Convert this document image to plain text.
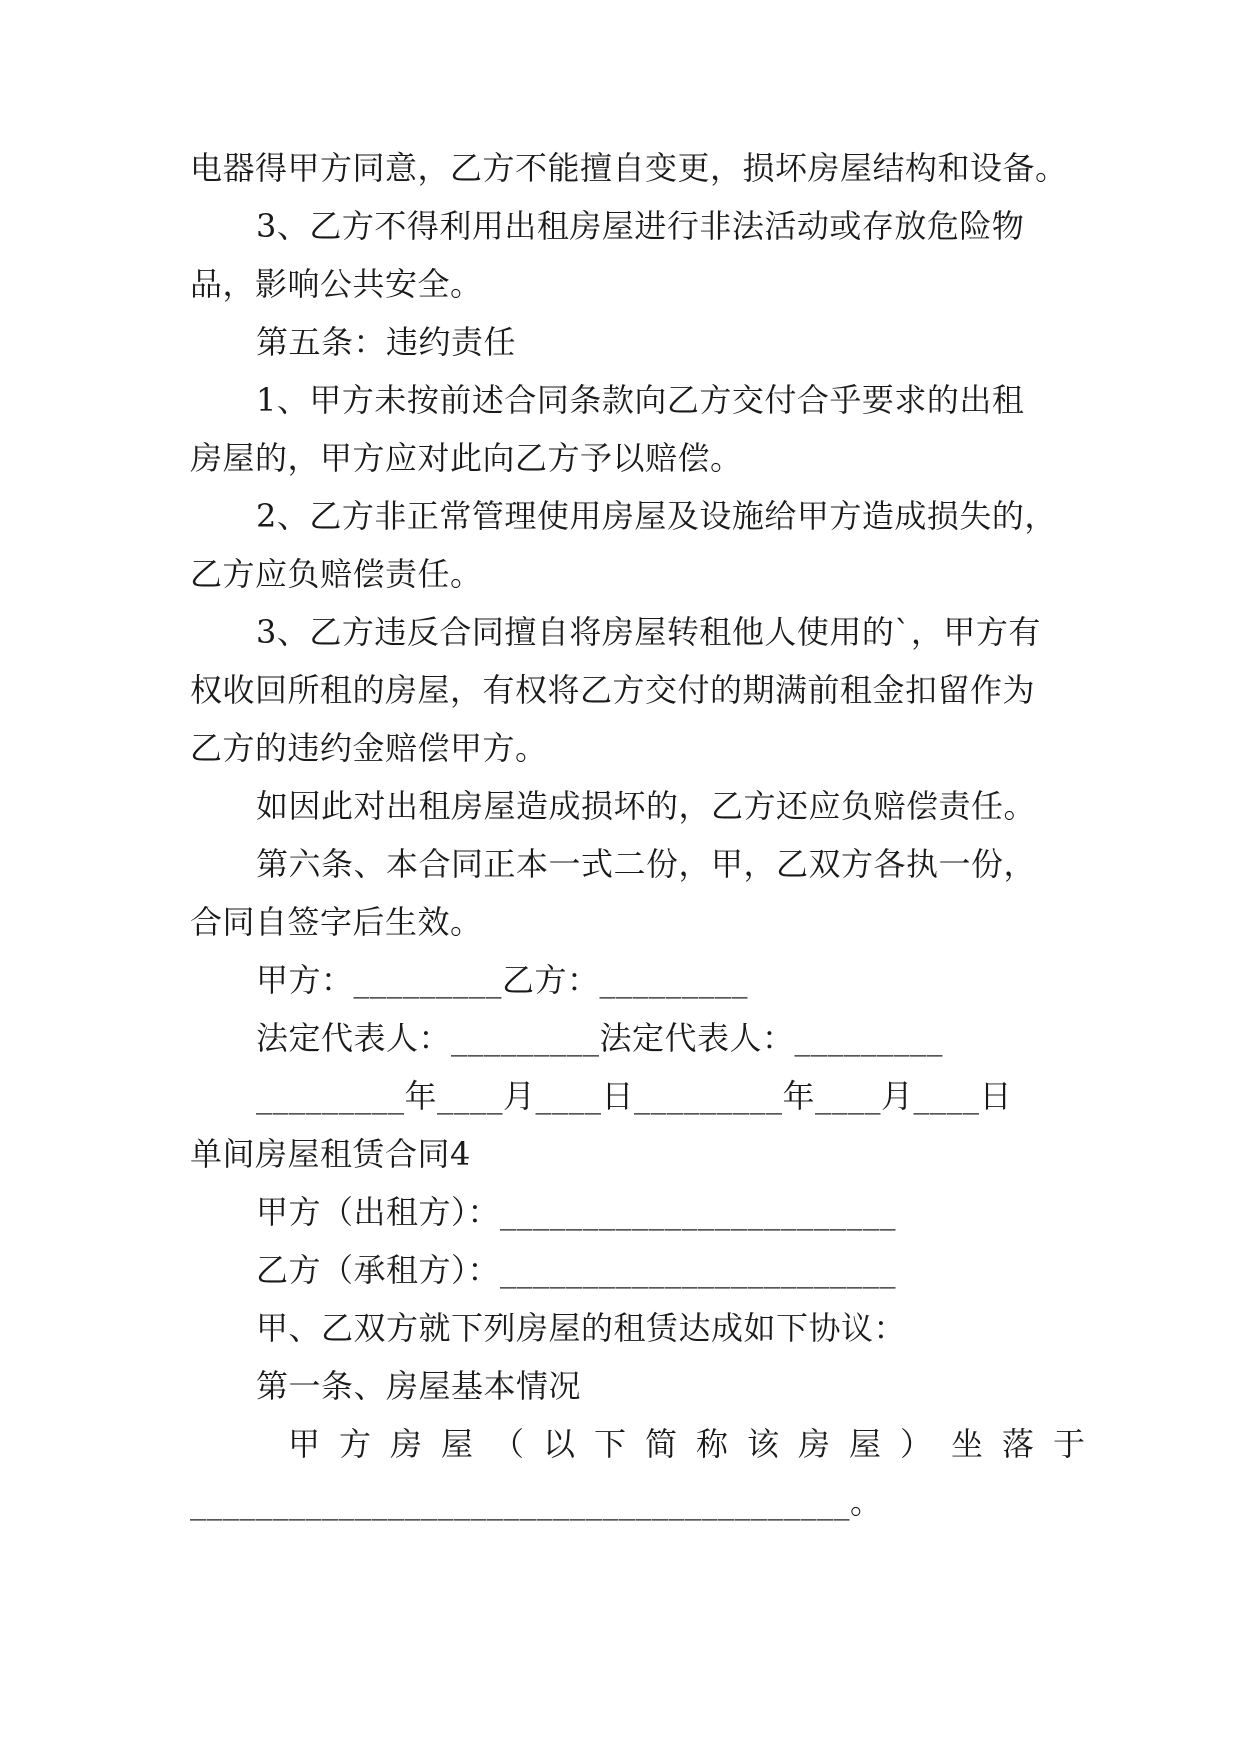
电器得甲方同意，乙方不能擅自变更，损坏房屋结构和设备。
3、乙方不得利用出租房屋进行非法活动或存放危险物
品，影响公共安全。
第五条：违约责任
1、甲方未按前述合同条款向乙方交付合乎要求的出租
房屋的，甲方应对此向乙方予以赔偿。
2、乙方非正常管理使用房屋及设施给甲方造成损失的，
乙方应负赔偿责任。
3、乙方违反合同擅自将房屋转租他人使用的`，甲方有
权收回所租的房屋，有权将乙方交付的期满前租金扣留作为
乙方的违约金赔偿甲方。
如因此对出租房屋造成损坏的，乙方还应负赔偿责任。
第六条、本合同正本一式二份，甲，乙双方各执一份，
合同自签字后生效。
甲方：_________乙方：_________
法定代表人：_________法定代表人：_________
_________年____月____日_________年____月____日
单间房屋租赁合同4
甲方（出租方）：________________________
乙方（承租方）：________________________
甲、乙双方就下列房屋的租赁达成如下协议：
第一条、房屋基本情况
甲方房屋（以下简称该房屋）坐落于
________________________________________。
